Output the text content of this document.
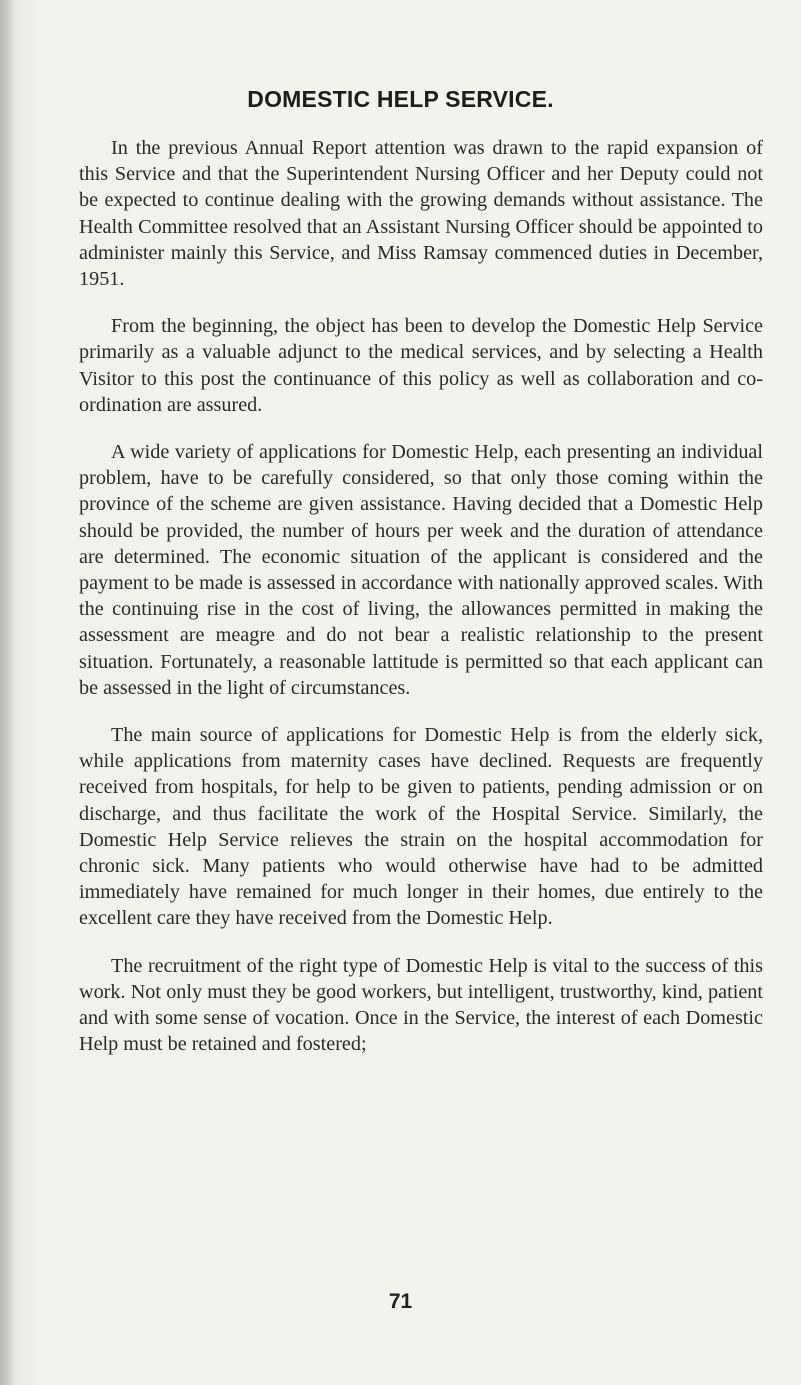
DOMESTIC HELP SERVICE.

In the previous Annual Report attention was drawn to the rapid expansion of this Service and that the Superintendent Nursing Officer and her Deputy could not be expected to continue dealing with the growing demands without assistance. The Health Committee resolved that an Assistant Nursing Officer should be appointed to administer mainly this Service, and Miss Ramsay commenced duties in December, 1951.

From the beginning, the object has been to develop the Domestic Help Service primarily as a valuable adjunct to the medical services, and by selecting a Health Visitor to this post the continuance of this policy as well as collaboration and co-ordination are assured.

A wide variety of applications for Domestic Help, each presenting an individual problem, have to be carefully considered, so that only those coming within the province of the scheme are given assistance. Having decided that a Domestic Help should be provided, the number of hours per week and the duration of attendance are determined. The economic situation of the applicant is considered and the payment to be made is assessed in accordance with nationally approved scales. With the continuing rise in the cost of living, the allowances permitted in making the assessment are meagre and do not bear a realistic relationship to the present situation. Fortunately, a reasonable lattitude is permitted so that each applicant can be assessed in the light of circumstances.

The main source of applications for Domestic Help is from the elderly sick, while applications from maternity cases have declined. Requests are frequently received from hospitals, for help to be given to patients, pending admission or on discharge, and thus facilitate the work of the Hospital Service. Similarly, the Domestic Help Service relieves the strain on the hospital accommodation for chronic sick. Many patients who would otherwise have had to be admitted immediately have remained for much longer in their homes, due entirely to the excellent care they have received from the Domestic Help.

The recruitment of the right type of Domestic Help is vital to the success of this work. Not only must they be good workers, but intelligent, trustworthy, kind, patient and with some sense of vocation. Once in the Service, the interest of each Domestic Help must be retained and fostered;

71
